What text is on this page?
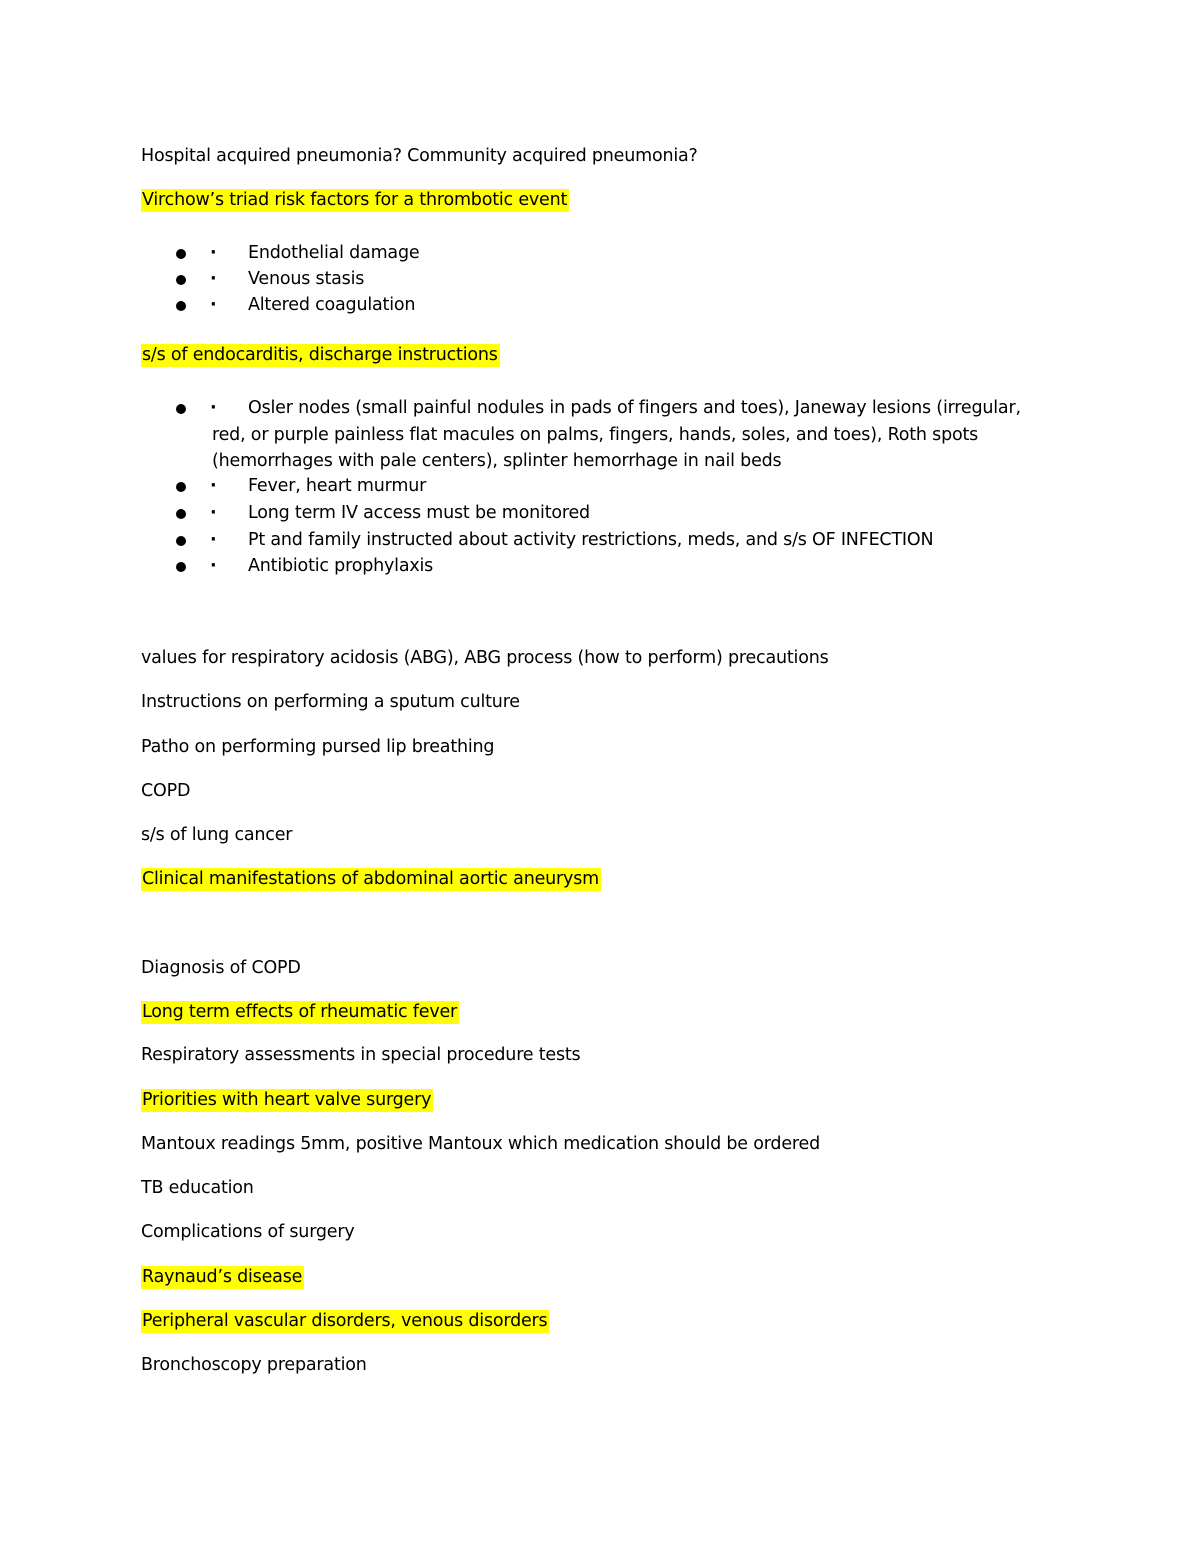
Hospital acquired pneumonia? Community acquired pneumonia?
Virchow’s triad risk factors for a thrombotic event
· Endothelial damage
· Venous stasis
· Altered coagulation
s/s of endocarditis, discharge instructions
·	Osler nodes (small painful nodules in pads of fingers and toes), Janeway lesions (irregular, red, or purple painless flat macules on palms, fingers, hands, soles, and toes), Roth spots (hemorrhages with pale centers), splinter hemorrhage in nail beds
· Fever, heart murmur
· Long term IV access must be monitored
· Pt and family instructed about activity restrictions, meds, and s/s OF INFECTION
· Antibiotic prophylaxis
values for respiratory acidosis (ABG), ABG process (how to perform) precautions
Instructions on performing a sputum culture
Patho on performing pursed lip breathing
COPD
s/s of lung cancer
Clinical manifestations of abdominal aortic aneurysm
Diagnosis of COPD
Long term effects of rheumatic fever
Respiratory assessments in special procedure tests
Priorities with heart valve surgery
Mantoux readings 5mm, positive Mantoux which medication should be ordered
TB education
Complications of surgery
Raynaud’s disease
Peripheral vascular disorders, venous disorders
Bronchoscopy preparation
